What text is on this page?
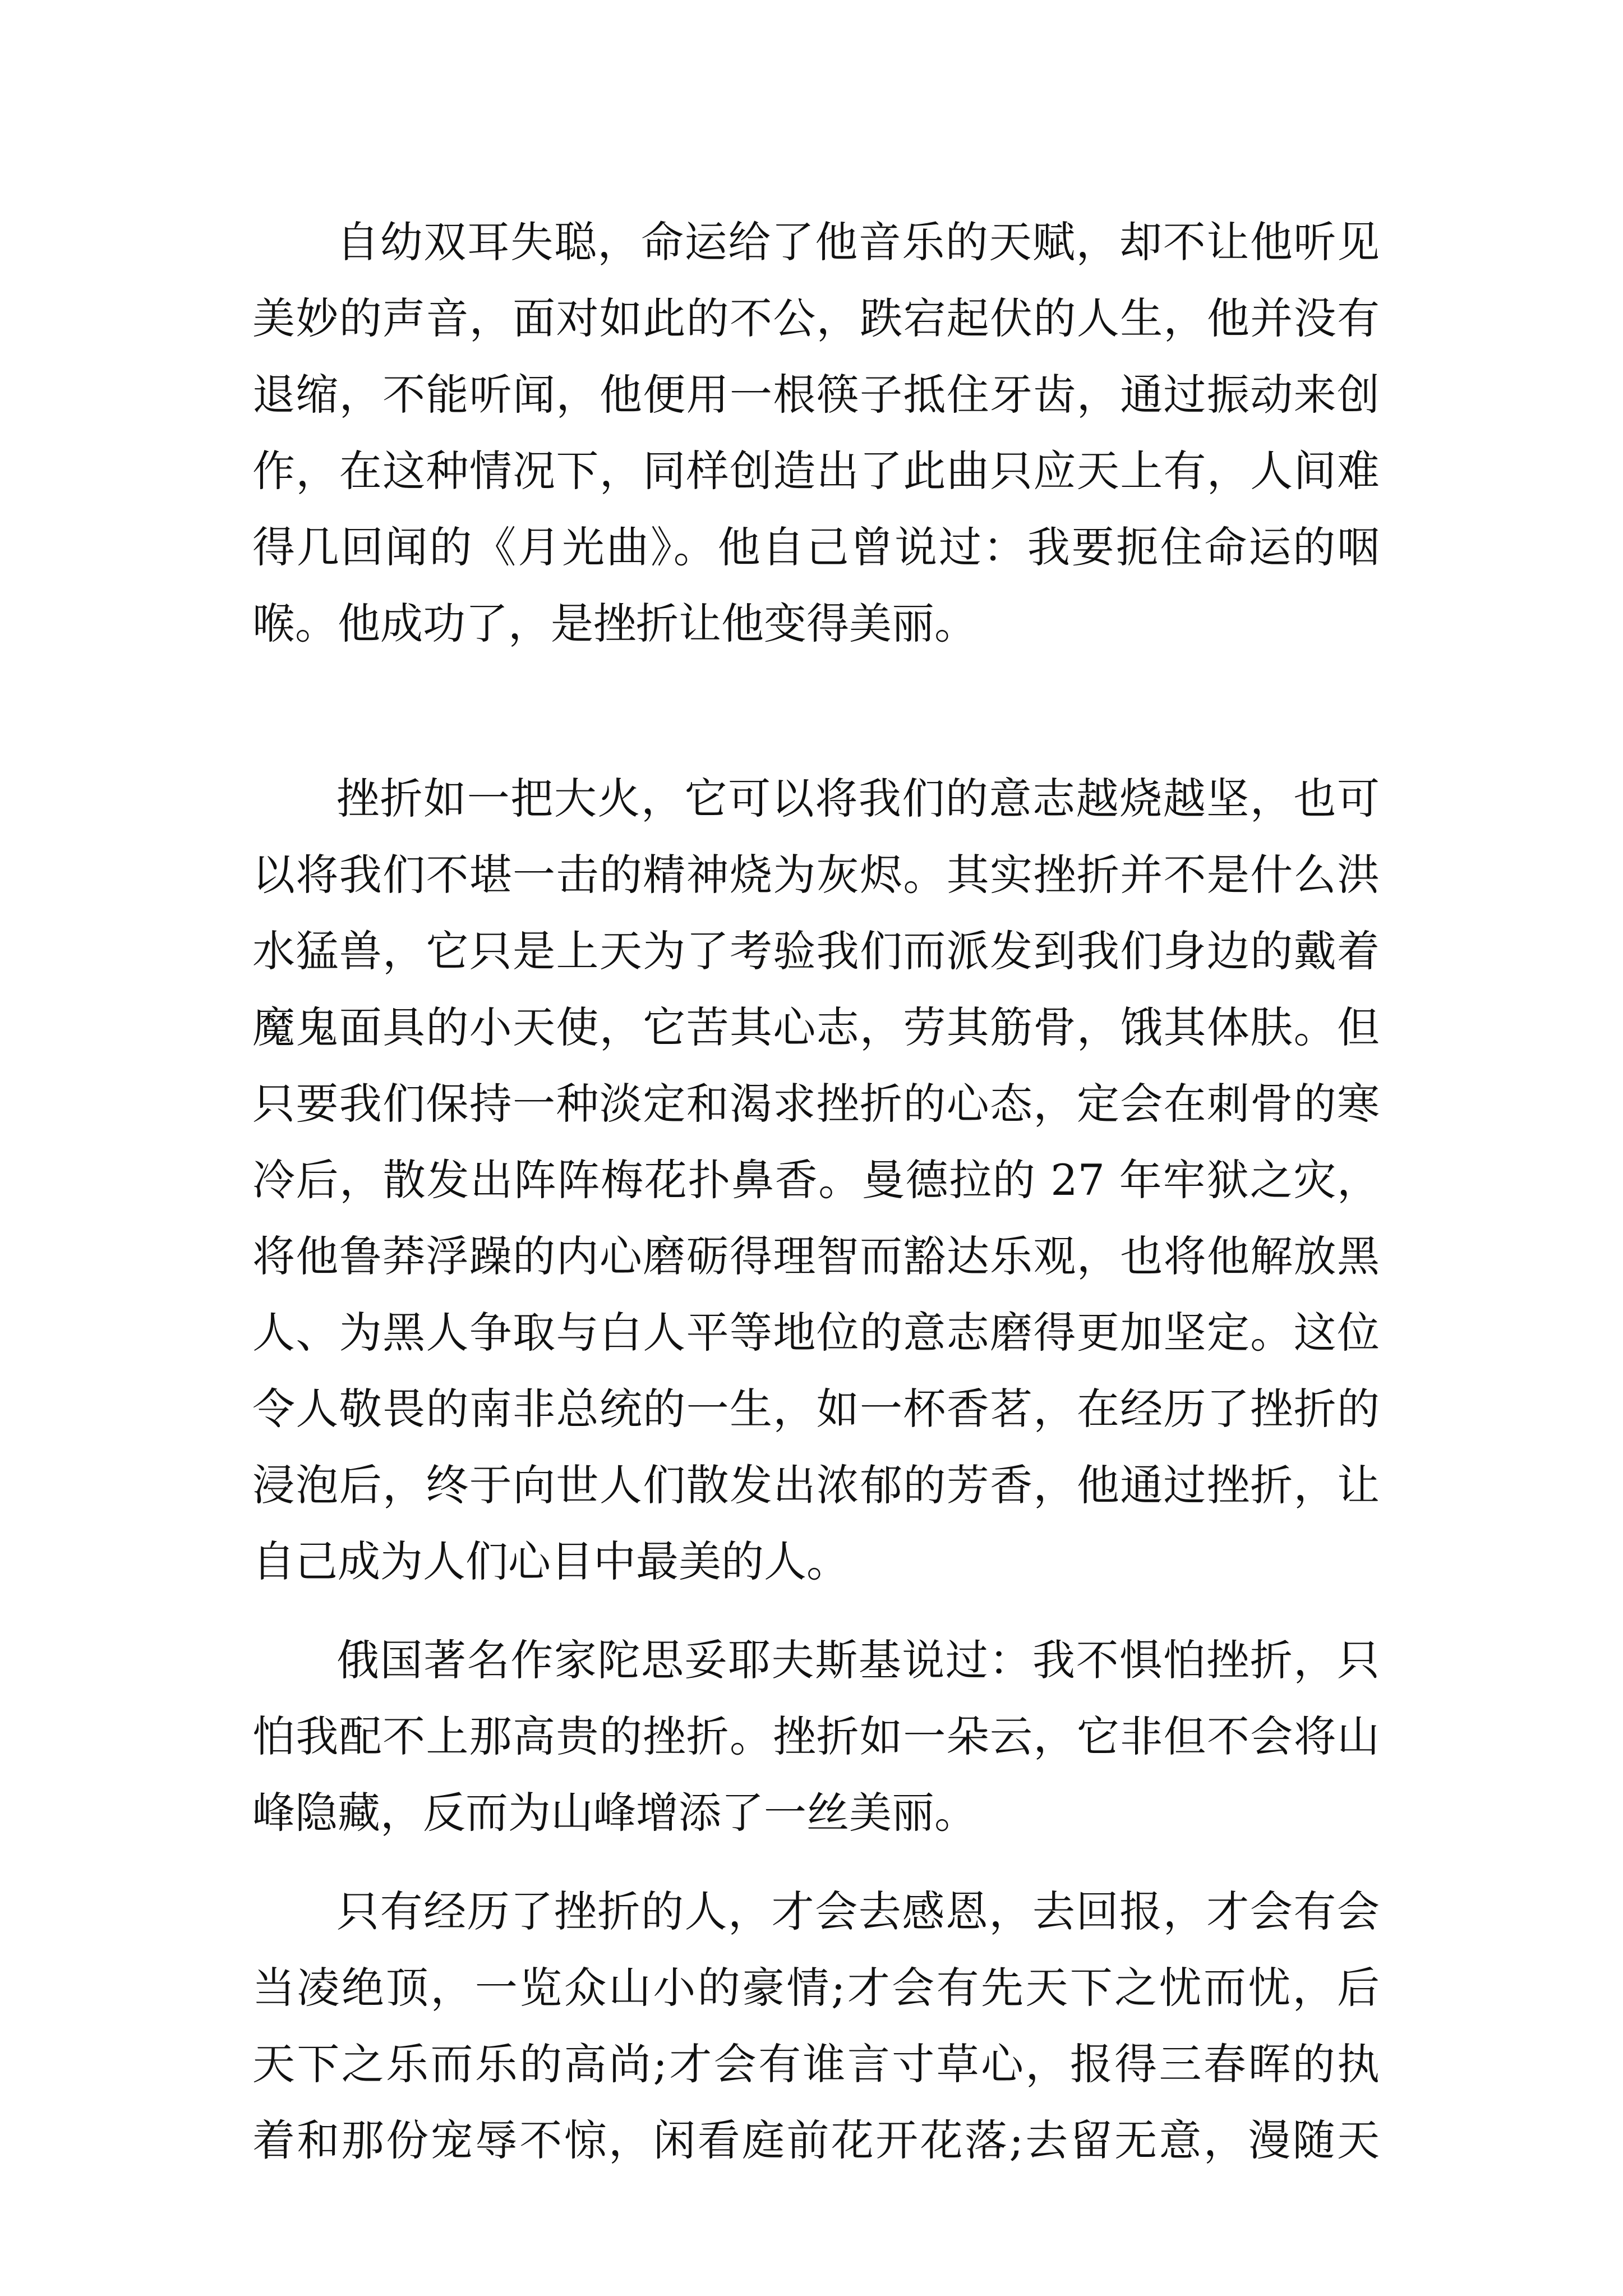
自幼双耳失聪，命运给了他音乐的天赋，却不让他听见
美妙的声音，面对如此的不公，跌宕起伏的人生，他并没有
退缩，不能听闻，他便用一根筷子抵住牙齿，通过振动来创
作，在这种情况下，同样创造出了此曲只应天上有，人间难
得几回闻的《月光曲》。他自己曾说过：我要扼住命运的咽
喉。他成功了，是挫折让他变得美丽。
挫折如一把大火，它可以将我们的意志越烧越坚，也可
以将我们不堪一击的精神烧为灰烬。其实挫折并不是什么洪
水猛兽，它只是上天为了考验我们而派发到我们身边的戴着
魔鬼面具的小天使，它苦其心志，劳其筋骨，饿其体肤。但
只要我们保持一种淡定和渴求挫折的心态，定会在刺骨的寒
冷后，散发出阵阵梅花扑鼻香。曼德拉的 27 年牢狱之灾，
将他鲁莽浮躁的内心磨砺得理智而豁达乐观，也将他解放黑
人、为黑人争取与白人平等地位的意志磨得更加坚定。这位
令人敬畏的南非总统的一生，如一杯香茗，在经历了挫折的
浸泡后，终于向世人们散发出浓郁的芳香，他通过挫折，让
自己成为人们心目中最美的人。
俄国著名作家陀思妥耶夫斯基说过：我不惧怕挫折，只
怕我配不上那高贵的挫折。挫折如一朵云，它非但不会将山
峰隐藏，反而为山峰增添了一丝美丽。
只有经历了挫折的人，才会去感恩，去回报，才会有会
当凌绝顶，一览众山小的豪情;才会有先天下之忧而忧，后
天下之乐而乐的高尚;才会有谁言寸草心，报得三春晖的执
着和那份宠辱不惊，闲看庭前花开花落;去留无意，漫随天
